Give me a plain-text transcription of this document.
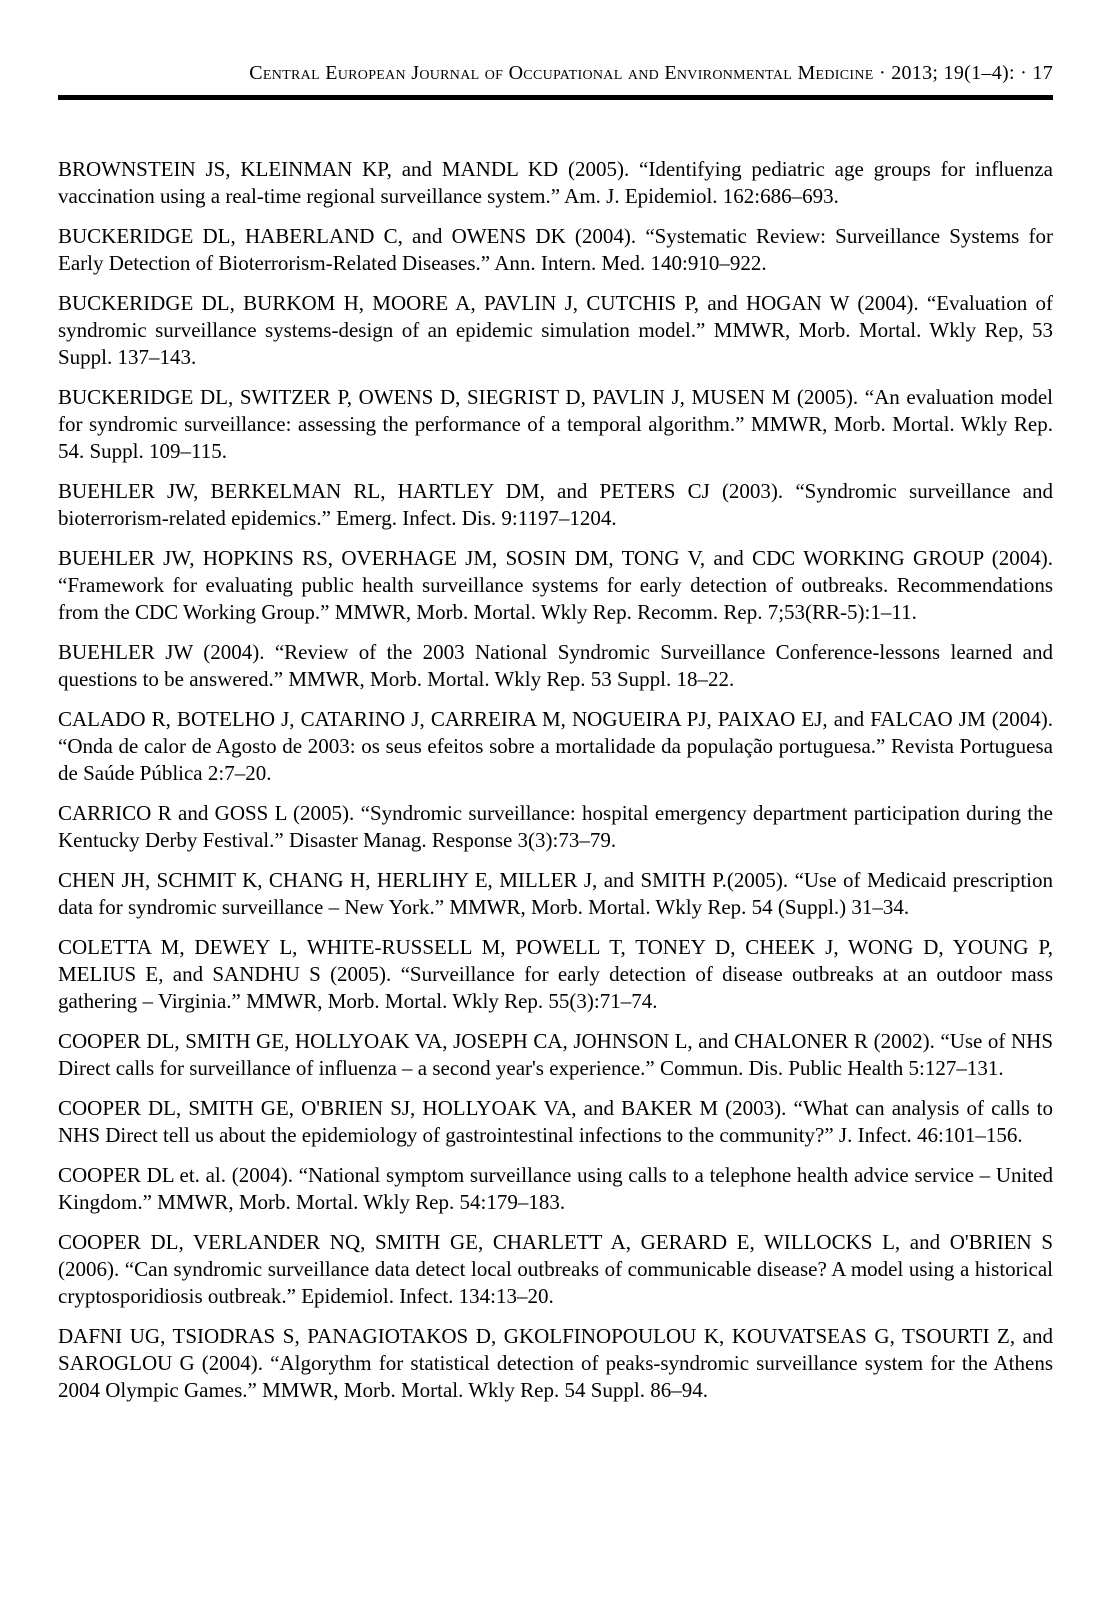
Central European Journal of Occupational and Environmental Medicine · 2013; 19(1–4): · 17

BROWNSTEIN JS, KLEINMAN KP, and MANDL KD (2005). “Identifying pediatric age groups for influenza vaccination using a real-time regional surveillance system.” Am. J. Epidemiol. 162:686–693.

BUCKERIDGE DL, HABERLAND C, and OWENS DK (2004). “Systematic Review: Surveillance Systems for Early Detection of Bioterrorism-Related Diseases.” Ann. Intern. Med. 140:910–922.

BUCKERIDGE DL, BURKOM H, MOORE A, PAVLIN J, CUTCHIS P, and HOGAN W (2004). “Evaluation of syndromic surveillance systems-design of an epidemic simulation model.” MMWR, Morb. Mortal. Wkly Rep, 53 Suppl. 137–143.

BUCKERIDGE DL, SWITZER P, OWENS D, SIEGRIST D, PAVLIN J, MUSEN M (2005). “An evaluation model for syndromic surveillance: assessing the performance of a temporal algorithm.” MMWR, Morb. Mortal. Wkly Rep. 54. Suppl. 109–115.

BUEHLER JW, BERKELMAN RL, HARTLEY DM, and PETERS CJ (2003). “Syndromic surveillance and bioterrorism-related epidemics.” Emerg. Infect. Dis. 9:1197–1204.

BUEHLER JW, HOPKINS RS, OVERHAGE JM, SOSIN DM, TONG V, and CDC WORKING GROUP (2004). “Framework for evaluating public health surveillance systems for early detection of outbreaks. Recommendations from the CDC Working Group.” MMWR, Morb. Mortal. Wkly Rep. Recomm. Rep. 7;53(RR-5):1–11.

BUEHLER JW (2004). “Review of the 2003 National Syndromic Surveillance Conference-lessons learned and questions to be answered.” MMWR, Morb. Mortal. Wkly Rep. 53 Suppl. 18–22.

CALADO R, BOTELHO J, CATARINO J, CARREIRA M, NOGUEIRA PJ, PAIXAO EJ, and FALCAO JM (2004). “Onda de calor de Agosto de 2003: os seus efeitos sobre a mortalidade da população portuguesa.” Revista Portuguesa de Saúde Pública 2:7–20.

CARRICO R and GOSS L (2005). “Syndromic surveillance: hospital emergency department participation during the Kentucky Derby Festival.” Disaster Manag. Response 3(3):73–79.

CHEN JH, SCHMIT K, CHANG H, HERLIHY E, MILLER J, and SMITH P.(2005). “Use of Medicaid prescription data for syndromic surveillance – New York.” MMWR, Morb. Mortal. Wkly Rep. 54 (Suppl.) 31–34.

COLETTA M, DEWEY L, WHITE-RUSSELL M, POWELL T, TONEY D, CHEEK J, WONG D, YOUNG P, MELIUS E, and SANDHU S (2005). “Surveillance for early detection of disease outbreaks at an outdoor mass gathering – Virginia.” MMWR, Morb. Mortal. Wkly Rep. 55(3):71–74.

COOPER DL, SMITH GE, HOLLYOAK VA, JOSEPH CA, JOHNSON L, and CHALONER R (2002). “Use of NHS Direct calls for surveillance of influenza – a second year's experience.” Commun. Dis. Public Health 5:127–131.

COOPER DL, SMITH GE, O'BRIEN SJ, HOLLYOAK VA, and BAKER M (2003). “What can analysis of calls to NHS Direct tell us about the epidemiology of gastrointestinal infections to the community?” J. Infect. 46:101–156.

COOPER DL et. al. (2004). “National symptom surveillance using calls to a telephone health advice service – United Kingdom.” MMWR, Morb. Mortal. Wkly Rep. 54:179–183.

COOPER DL, VERLANDER NQ, SMITH GE, CHARLETT A, GERARD E, WILLOCKS L, and O'BRIEN S (2006). “Can syndromic surveillance data detect local outbreaks of communicable disease? A model using a historical cryptosporidiosis outbreak.” Epidemiol. Infect. 134:13–20.

DAFNI UG, TSIODRAS S, PANAGIOTAKOS D, GKOLFINOPOULOU K, KOUVATSEAS G, TSOURTI Z, and SAROGLOU G (2004). “Algorythm for statistical detection of peaks-syndromic surveillance system for the Athens 2004 Olympic Games.” MMWR, Morb. Mortal. Wkly Rep. 54 Suppl. 86–94.
